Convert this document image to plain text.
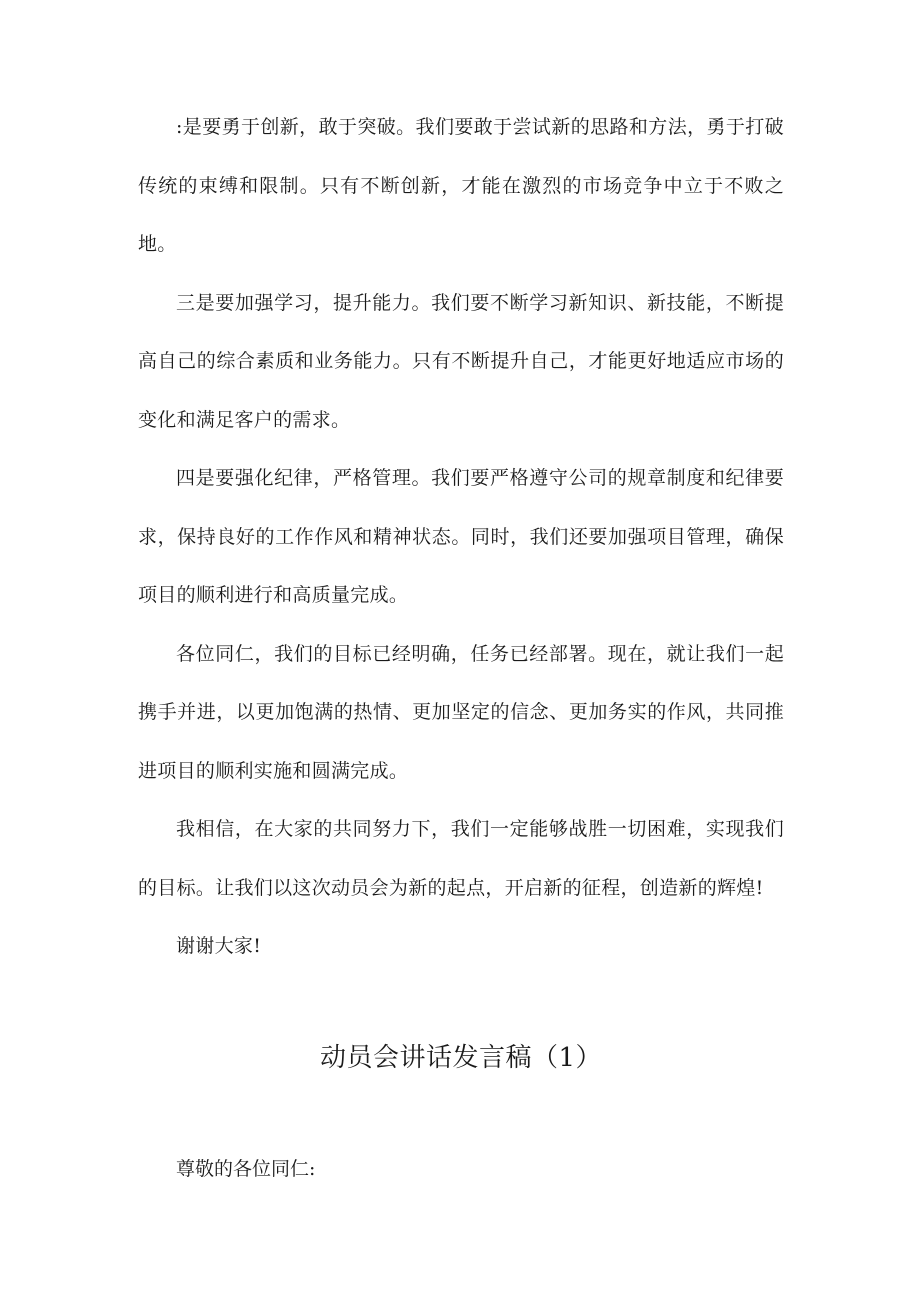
:是要勇于创新，敢于突破。我们要敢于尝试新的思路和方法，勇于打破传统的束缚和限制。只有不断创新，才能在激烈的市场竞争中立于不败之地。

三是要加强学习，提升能力。我们要不断学习新知识、新技能，不断提高自己的综合素质和业务能力。只有不断提升自己，才能更好地适应市场的变化和满足客户的需求。

四是要强化纪律，严格管理。我们要严格遵守公司的规章制度和纪律要求，保持良好的工作作风和精神状态。同时，我们还要加强项目管理，确保项目的顺利进行和高质量完成。

各位同仁，我们的目标已经明确，任务已经部署。现在，就让我们一起携手并进，以更加饱满的热情、更加坚定的信念、更加务实的作风，共同推进项目的顺利实施和圆满完成。

我相信，在大家的共同努力下，我们一定能够战胜一切困难，实现我们的目标。让我们以这次动员会为新的起点，开启新的征程，创造新的辉煌!

谢谢大家!

动员会讲话发言稿（1）

尊敬的各位同仁:
